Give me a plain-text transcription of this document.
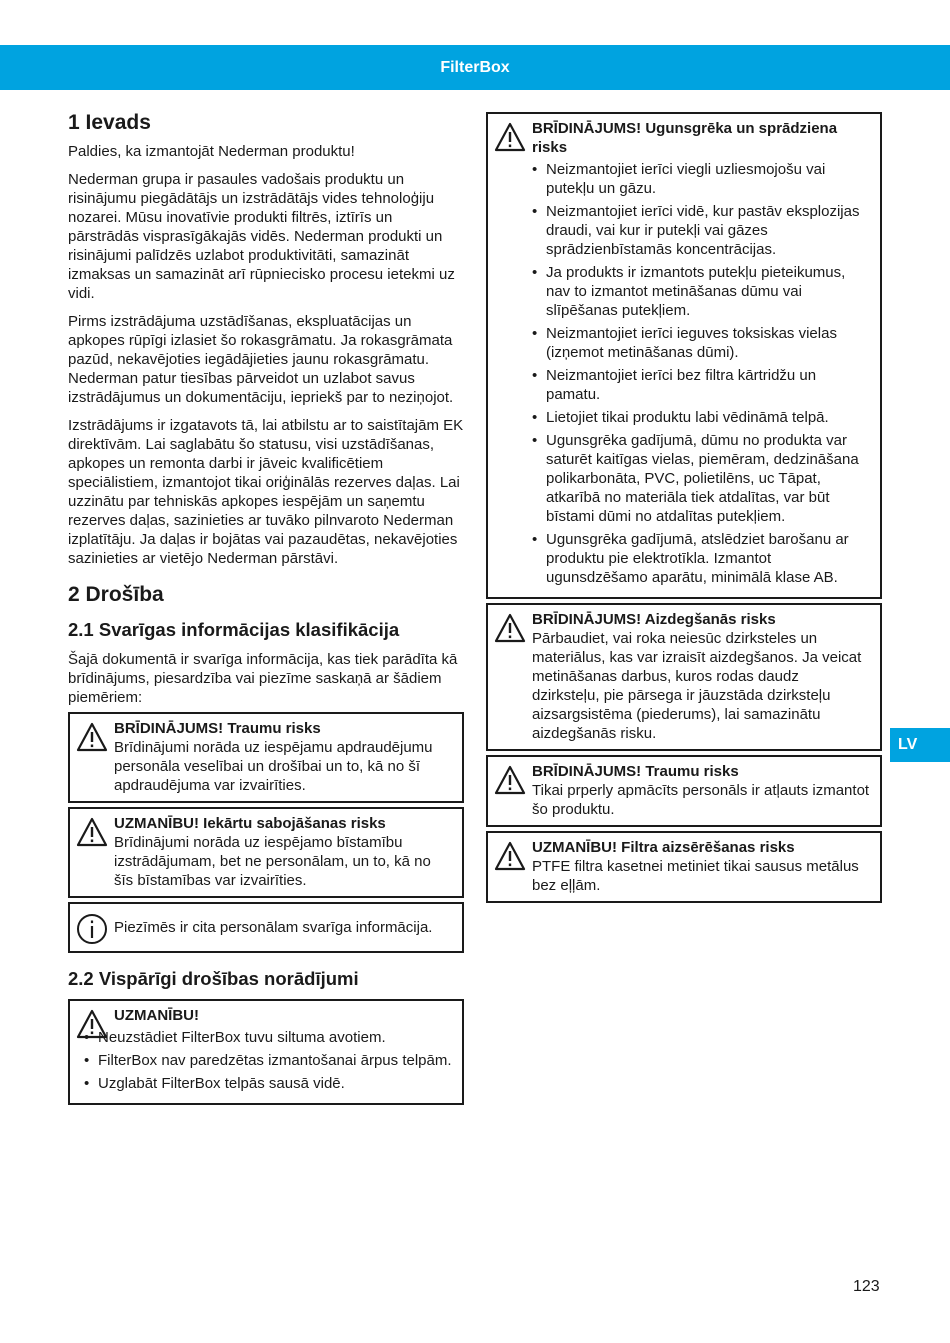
FilterBox
1 Ievads

Paldies, ka izmantojāt Nederman produktu!

Nederman grupa ir pasaules vadošais produktu un risinājumu piegādātājs un izstrādātājs vides tehnoloģiju nozarei. Mūsu inovatīvie produkti filtrēs, iztīrīs un pārstrādās visprasīgākajās vidēs. Nederman produkti un risinājumi palīdzēs uzlabot produktivitāti, samazināt izmaksas un samazināt arī rūpniecisko procesu ietekmi uz vidi.

Pirms izstrādājuma uzstādīšanas, ekspluatācijas un apkopes rūpīgi izlasiet šo rokasgrāmatu. Ja rokasgrāmata pazūd, nekavējoties iegādājieties jaunu rokasgrāmatu. Nederman patur tiesības pārveidot un uzlabot savus izstrādājumus un dokumentāciju, iepriekš par to neziņojot.

Izstrādājums ir izgatavots tā, lai atbilstu ar to saistītajām EK direktīvām. Lai saglabātu šo statusu, visi uzstādīšanas, apkopes un remonta darbi ir jāveic kvalificētiem speciālistiem, izmantojot tikai oriģinālās rezerves daļas. Lai uzzinātu par tehniskās apkopes iespējām un saņemtu rezerves daļas, sazinieties ar tuvāko pilnvaroto Nederman izplatītāju. Ja daļas ir bojātas vai pazaudētas, nekavējoties sazinieties ar vietējo Nederman pārstāvi.

2 Drošība
2.1 Svarīgas informācijas klasifikācija

Šajā dokumentā ir svarīga informācija, kas tiek parādīta kā brīdinājums, piesardzība vai piezīme saskaņā ar šādiem piemēriem:

BRĪDINĀJUMS! Traumu risks

Brīdinājumi norāda uz iespējamu apdraudējumu personāla veselībai un drošībai un to, kā no šī apdraudējuma var izvairīties.

UZMANĪBU! Iekārtu sabojāšanas risks

Brīdinājumi norāda uz iespējamo bīstamību izstrādājumam, bet ne personālam, un to, kā no šīs bīstamības var izvairīties.

Piezīmēs ir cita personālam svarīga informācija.

2.2 Vispārīgi drošības norādījumi

UZMANĪBU!

• Neuzstādiet FilterBox tuvu siltuma avotiem.
• FilterBox nav paredzētas izmantošanai ārpus telpām.
• Uzglabāt FilterBox telpās sausā vidē.

BRĪDINĀJUMS! Ugunsgrēka un sprādziena risks

• Neizmantojiet ierīci viegli uzliesmojošu vai putekļu un gāzu.
• Neizmantojiet ierīci vidē, kur pastāv eksplozijas draudi, vai kur ir putekļi vai gāzes sprādzienbīstamās koncentrācijas.
• Ja produkts ir izmantots putekļu pieteikumus, nav to izmantot metināšanas dūmu vai slīpēšanas putekļiem.
• Neizmantojiet ierīci ieguves toksiskas vielas (izņemot metināšanas dūmi).
• Neizmantojiet ierīci bez filtra kārtridžu un pamatu.
• Lietojiet tikai produktu labi vēdināmā telpā.
• Ugunsgrēka gadījumā, dūmu no produkta var saturēt kaitīgas vielas, piemēram, dedzināšana polikarbonāta, PVC, polietilēns, uc Tāpat, atkarībā no materiāla tiek atdalītas, var būt bīstami dūmi no atdalītas putekļiem.
• Ugunsgrēka gadījumā, atslēdziet barošanu ar produktu pie elektrotīkla. Izmantot ugunsdzēšamo aparātu, minimālā klase AB.

BRĪDINĀJUMS! Aizdegšanās risks

Pārbaudiet, vai roka neiesūc dzirksteles un materiālus, kas var izraisīt aizdegšanos. Ja veicat metināšanas darbus, kuros rodas daudz dzirksteļu, pie pārsega ir jāuzstāda dzirksteļu aizsargsistēma (piederums), lai samazinātu aizdegšanās risku.

BRĪDINĀJUMS! Traumu risks

Tikai prperly apmācīts personāls ir atļauts izmantot šo produktu.

UZMANĪBU! Filtra aizsērēšanas risks

PTFE filtra kasetnei metiniet tikai sausus metālus bez eļļām.

LV
123
